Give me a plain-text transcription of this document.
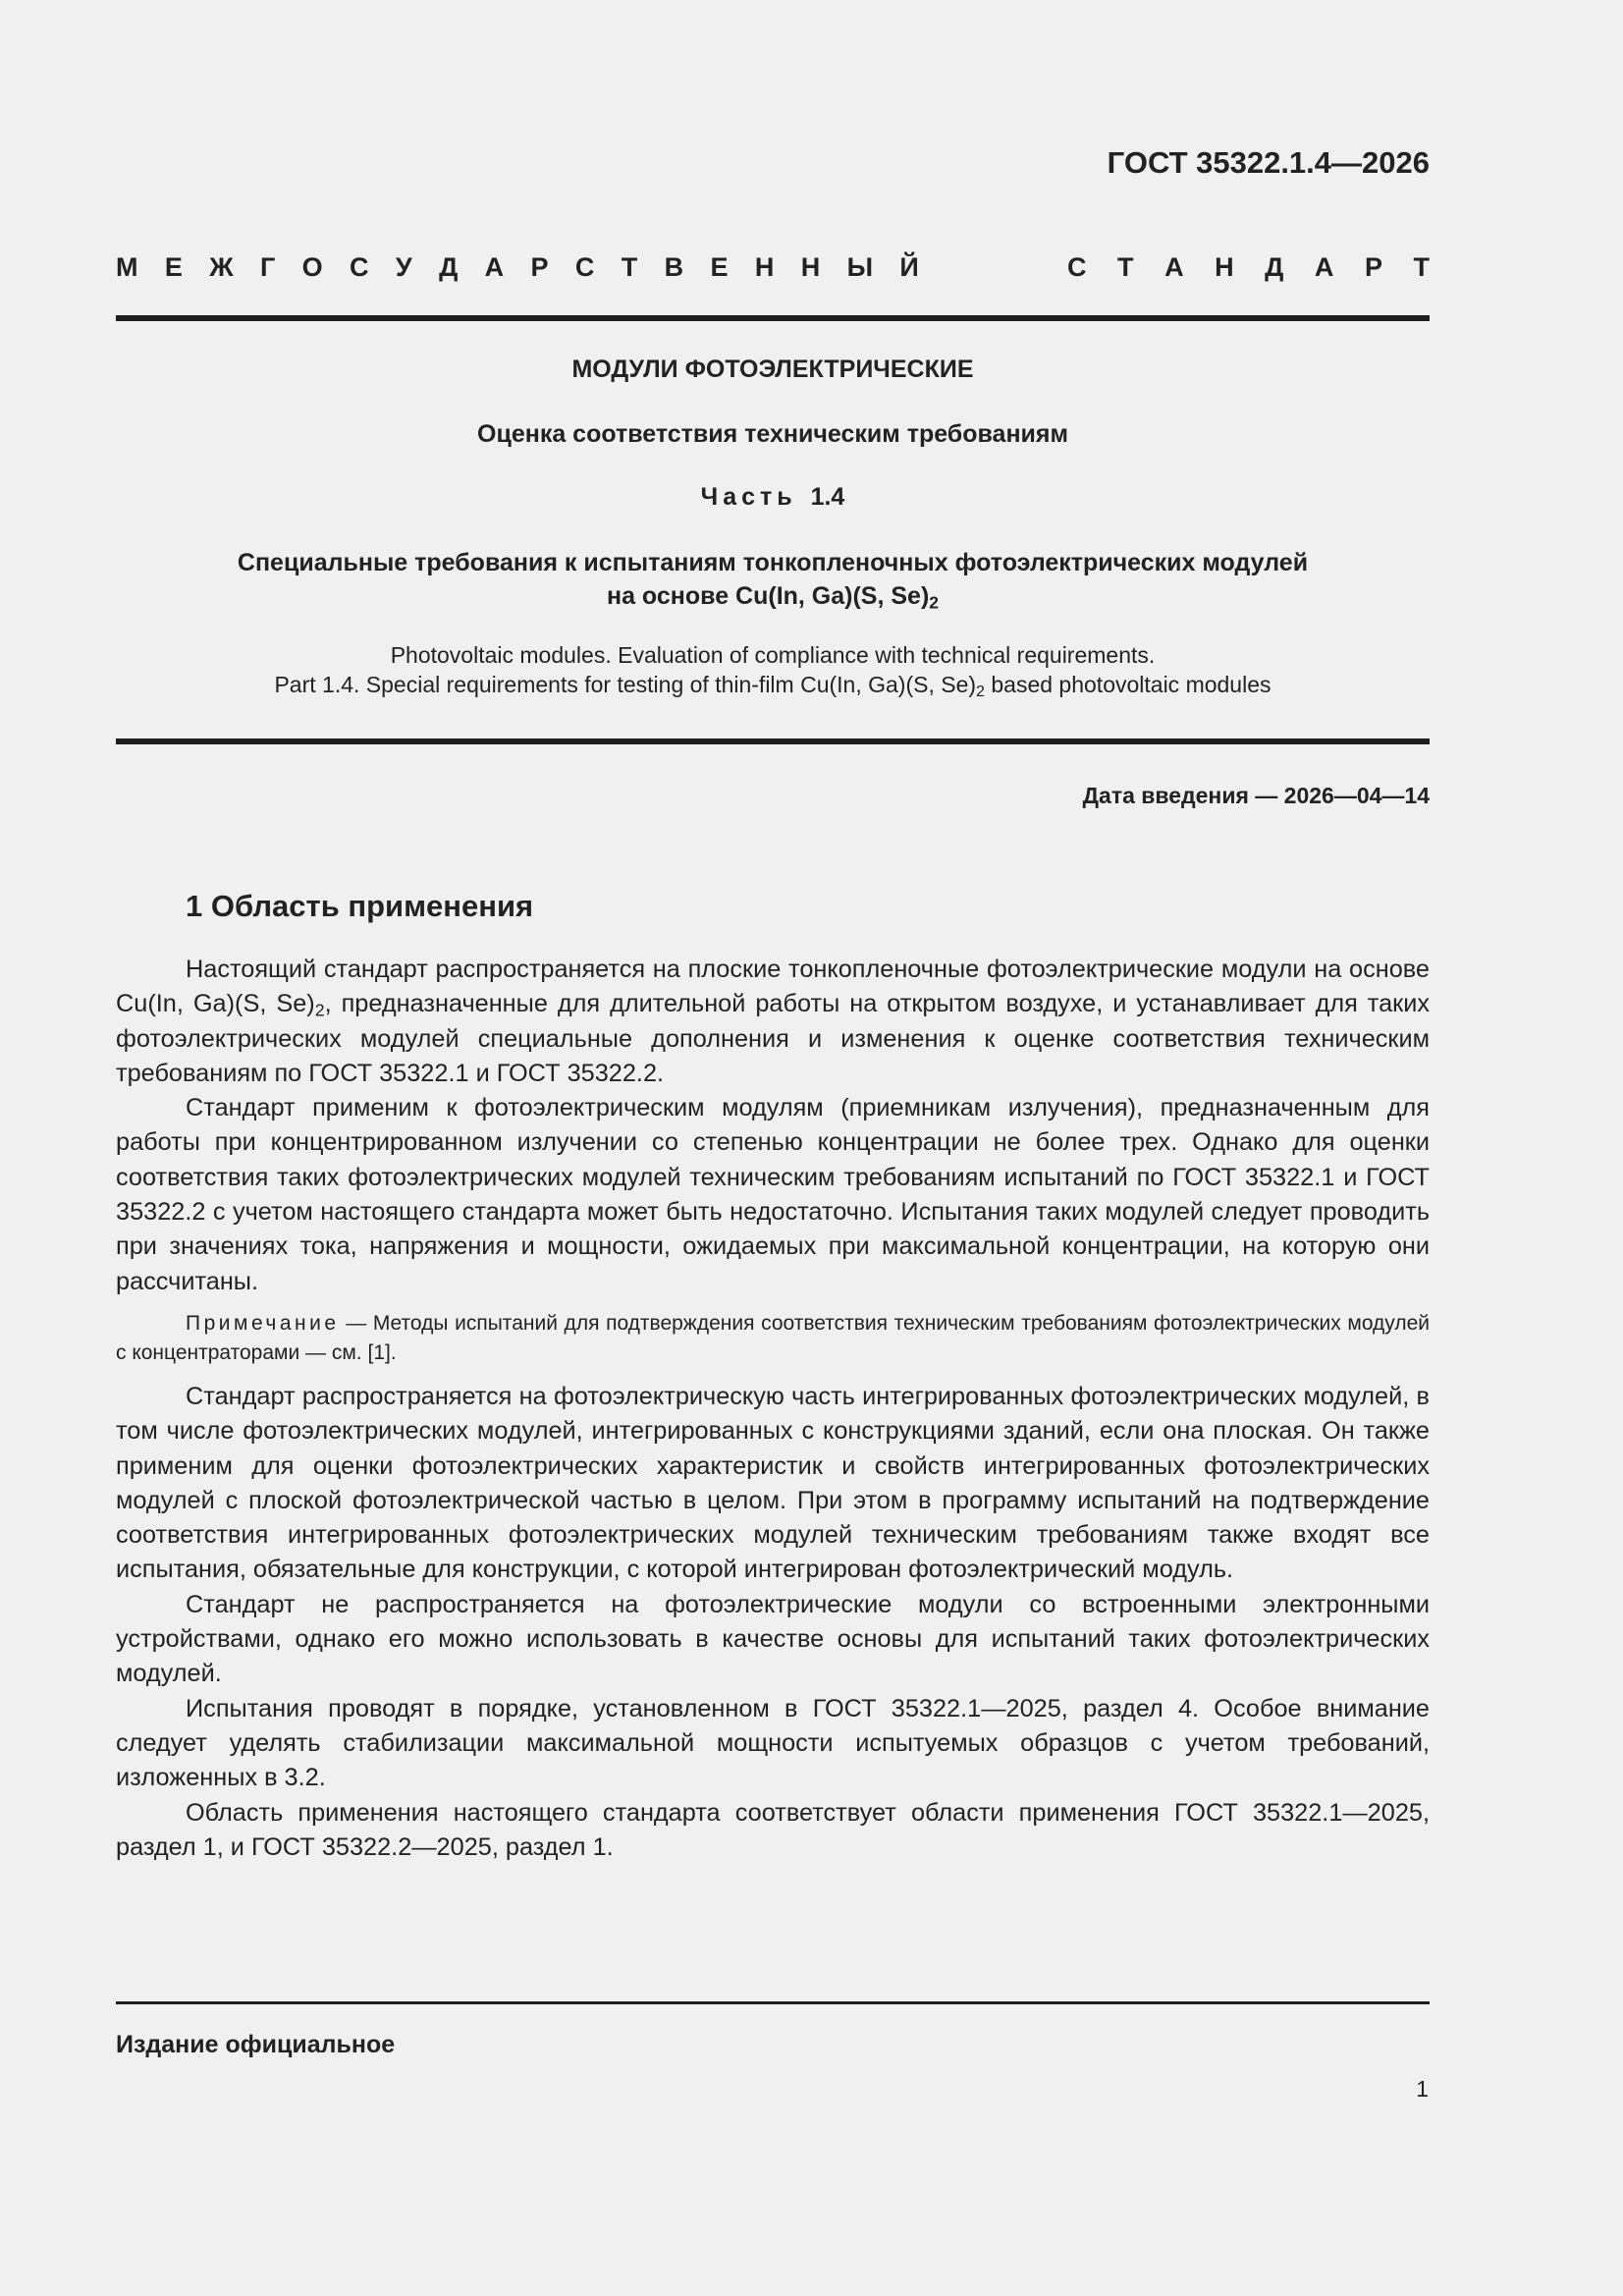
ГОСТ 35322.1.4—2026
М Е Ж Г О С У Д А Р С Т В Е Н Н Ы Й	С Т А Н Д А Р Т
МОДУЛИ ФОТОЭЛЕКТРИЧЕСКИЕ
Оценка соответствия техническим требованиям
Часть 1.4
Специальные требования к испытаниям тонкопленочных фотоэлектрических модулей
на основе Cu(In, Ga)(S, $Se)_2$
Photovoltaic modules. Evaluation of compliance with technical requirements.
Part 1.4. Special requirements for testing of thin-film Cu(In, Ga)(S, $Se)_2$ based photovoltaic modules
Дата введения — 2026—04—14
1 Область применения

Настоящий стандарт распространяется на плоские тонкопленочные фотоэлектрические модули на основе Cu(In, Ga)(S, $Se)_2$, предназначенные для длительной работы на открытом воздухе, и устанавливает для таких фотоэлектрических модулей специальные дополнения и изменения к оценке соответствия техническим требованиям по ГОСТ 35322.1 и ГОСТ 35322.2.

Стандарт применим к фотоэлектрическим модулям (приемникам излучения), предназначенным для работы при концентрированном излучении со степенью концентрации не более трех. Однако для оценки соответствия таких фотоэлектрических модулей техническим требованиям испытаний по ГОСТ 35322.1 и ГОСТ 35322.2 с учетом настоящего стандарта может быть недостаточно. Испытания таких модулей следует проводить при значениях тока, напряжения и мощности, ожидаемых при максимальной концентрации, на которую они рассчитаны.

Примечание — Методы испытаний для подтверждения соответствия техническим требованиям фотоэлектрических модулей с концентраторами — см. [1].

Стандарт распространяется на фотоэлектрическую часть интегрированных фотоэлектрических модулей, в том числе фотоэлектрических модулей, интегрированных с конструкциями зданий, если она плоская. Он также применим для оценки фотоэлектрических характеристик и свойств интегрированных фотоэлектрических модулей с плоской фотоэлектрической частью в целом. При этом в программу испытаний на подтверждение соответствия интегрированных фотоэлектрических модулей техническим требованиям также входят все испытания, обязательные для конструкции, с которой интегрирован фотоэлектрический модуль.

Стандарт не распространяется на фотоэлектрические модули со встроенными электронными устройствами, однако его можно использовать в качестве основы для испытаний таких фотоэлектрических модулей.

Испытания проводят в порядке, установленном в ГОСТ 35322.1—2025, раздел 4. Особое внимание следует уделять стабилизации максимальной мощности испытуемых образцов с учетом требований, изложенных в 3.2.

Область применения настоящего стандарта соответствует области применения ГОСТ 35322.1—2025, раздел 1, и ГОСТ 35322.2—2025, раздел 1.

Издание официальное
1
